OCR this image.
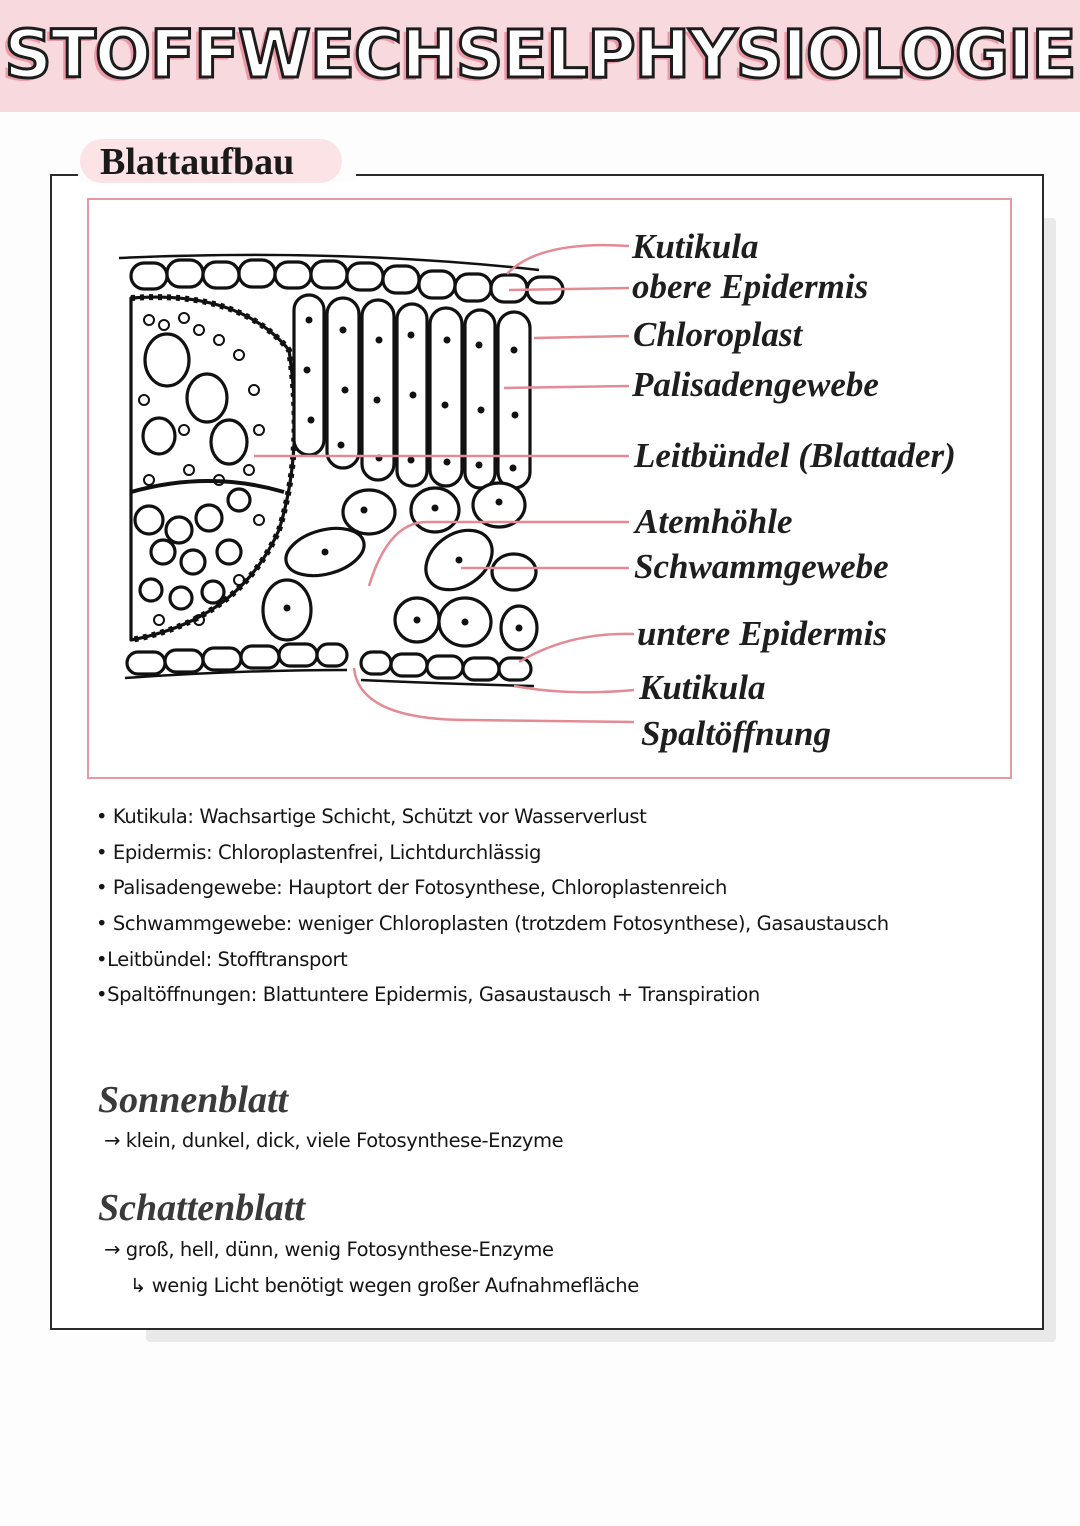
STOFFWECHSELPHYSIOLOGIE
Blattaufbau
Kutikula
obere Epidermis
Chloroplast
Palisadengewebe
Leitbündel (Blattader)
Atemhöhle
Schwammgewebe
untere Epidermis
Kutikula
Spaltöffnung
• Kutikula: Wachsartige Schicht, Schützt vor Wasserverlust
• Epidermis: Chloroplastenfrei, Lichtdurchlässig
• Palisadengewebe: Hauptort der Fotosynthese, Chloroplastenreich
• Schwammgewebe: weniger Chloroplasten (trotzdem Fotosynthese), Gasaustausch
•Leitbündel: Stofftransport
•Spaltöffnungen: Blattuntere Epidermis, Gasaustausch + Transpiration
Sonnenblatt
→ klein, dunkel, dick, viele Fotosynthese-Enzyme
Schattenblatt
→ groß, hell, dünn, wenig Fotosynthese-Enzyme
↳ wenig Licht benötigt wegen großer Aufnahmefläche
